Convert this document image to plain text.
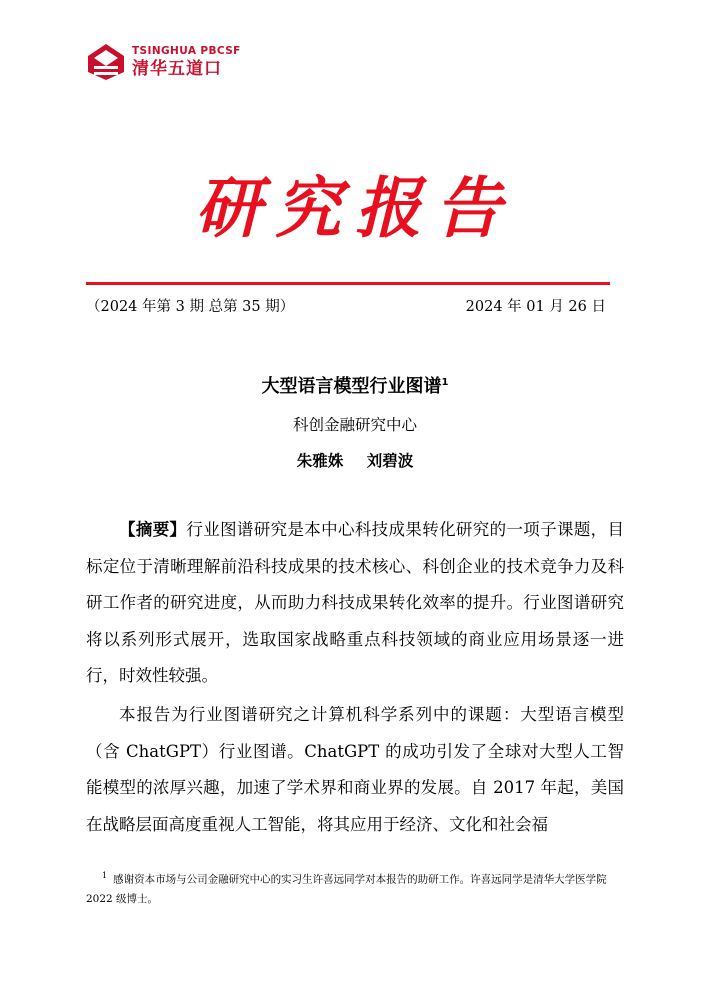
TSINGHUA PBCSF
清华五道口
研究报告
（2024 年第 3 期 总第 35 期）	2024 年 01 月 26 日
大型语言模型行业图谱$^1$
科创金融研究中心
朱雅姝 刘碧波

【摘要】行业图谱研究是本中心科技成果转化研究的一项子课题，目标定位于清晰理解前沿科技成果的技术核心、科创企业的技术竞争力及科研工作者的研究进度，从而助力科技成果转化效率的提升。行业图谱研究将以系列形式展开，选取国家战略重点科技领域的商业应用场景逐一进行，时效性较强。

本报告为行业图谱研究之计算机科学系列中的课题：大型语言模型（含 ChatGPT）行业图谱。ChatGPT 的成功引发了全球对大型人工智能模型的浓厚兴趣，加速了学术界和商业界的发展。自 2017 年起，美国在战略层面高度重视人工智能，将其应用于经济、文化和社会福

$^1$ 感谢资本市场与公司金融研究中心的实习生许喜远同学对本报告的助研工作。许喜远同学是清华大学医学院 2022 级博士。
